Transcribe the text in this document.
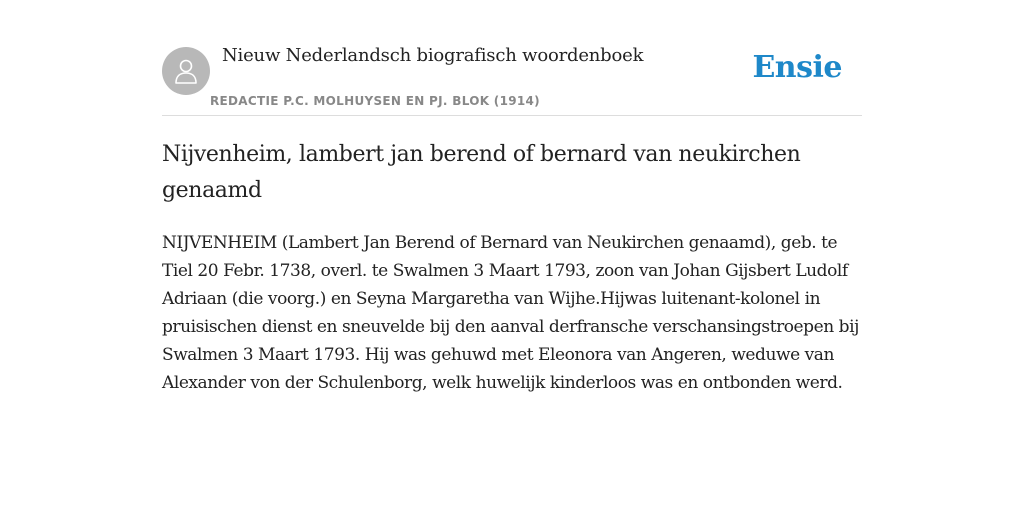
Nieuw Nederlandsch biografisch woordenboek
REDACTIE P.C. MOLHUYSEN EN PJ. BLOK (1914)
Ensie
Nijvenheim, lambert jan berend of bernard van neukirchen genaamd

NIJVENHEIM (Lambert Jan Berend of Bernard van Neukirchen genaamd), geb. te Tiel 20 Febr. 1738, overl. te Swalmen 3 Maart 1793, zoon van Johan Gijsbert Ludolf Adriaan (die voorg.) en Seyna Margaretha van Wijhe.Hijwas luitenant-kolonel in pruisischen dienst en sneuvelde bij den aanval derfransche verschansingstroepen bij Swalmen 3 Maart 1793. Hij was gehuwd met Eleonora van Angeren, weduwe van Alexander von der Schulenborg, welk huwelijk kinderloos was en ontbonden werd.
